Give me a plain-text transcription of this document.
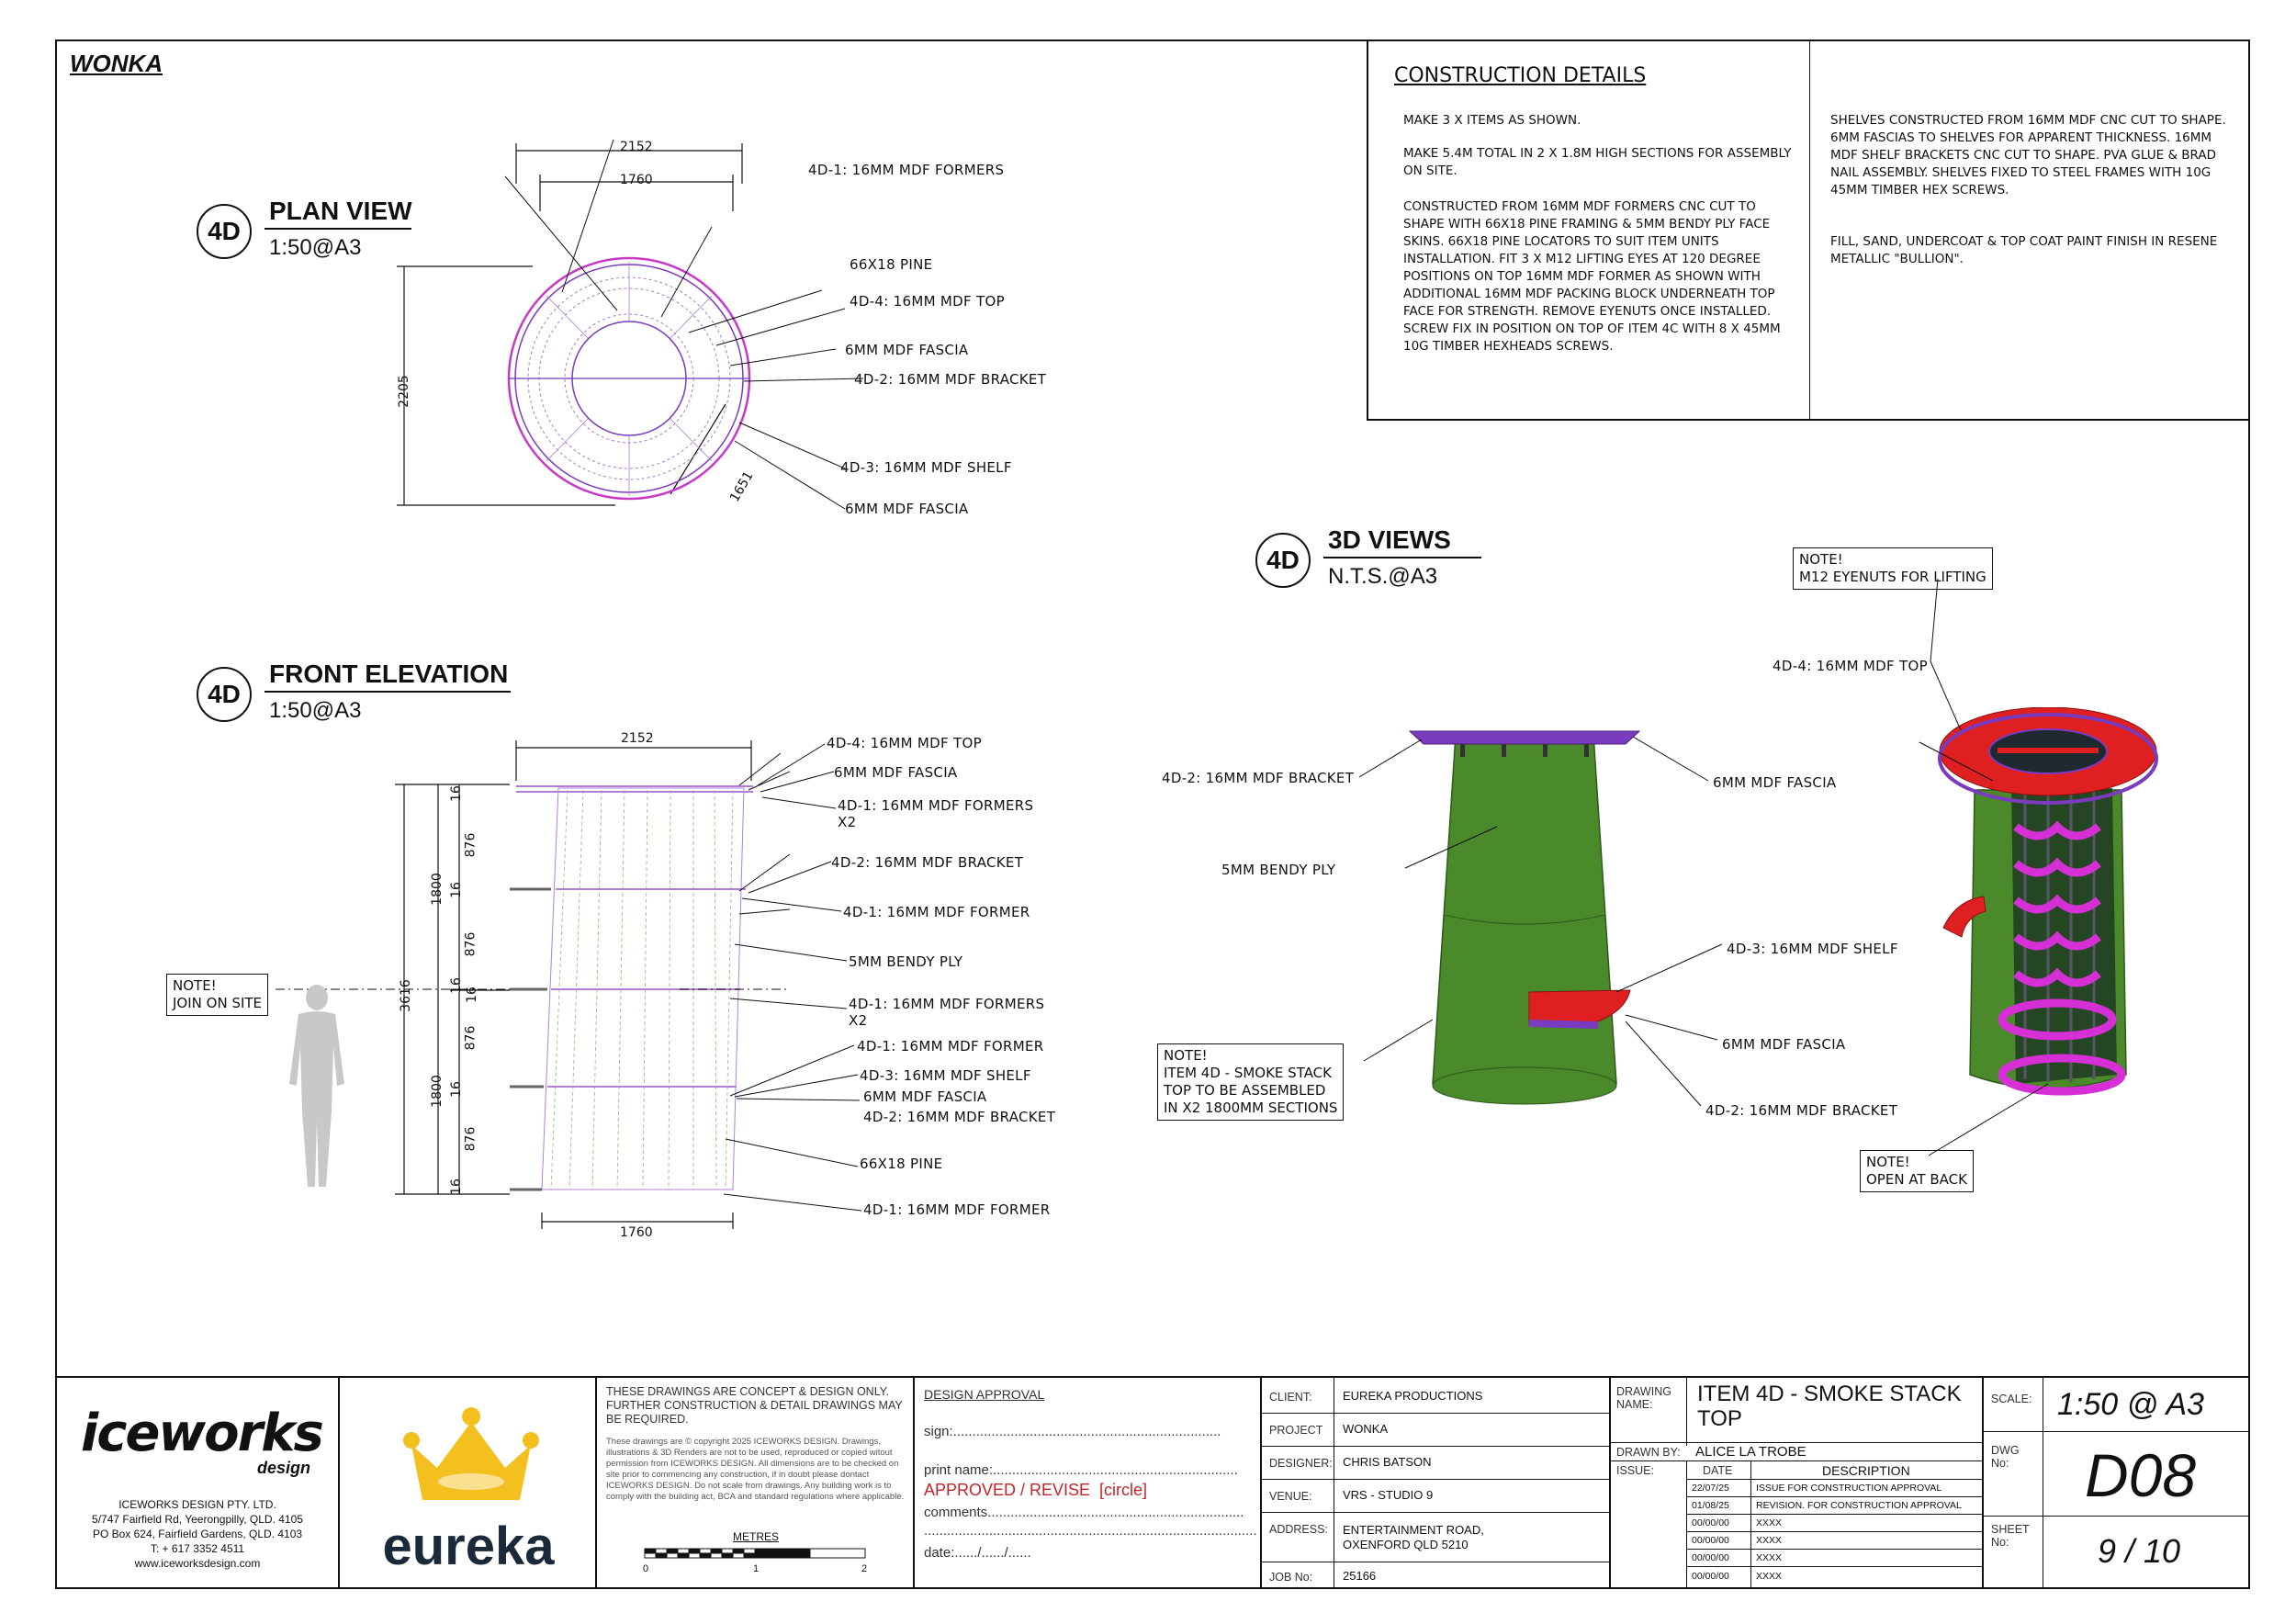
WONKA
4D
PLAN VIEW
1:50@A3
2152
1760
2205
1651
4D-1: 16MM MDF FORMERS
66X18 PINE
4D-4: 16MM MDF TOP
6MM MDF FASCIA
4D-2: 16MM MDF BRACKET
4D-3: 16MM MDF SHELF
6MM MDF FASCIA
4D
FRONT ELEVATION
1:50@A3
2152
1760
3616
1800
1800
16
876
16
876
16
16
876
16
876
16
NOTE!
JOIN ON SITE
4D-4: 16MM MDF TOP
6MM MDF FASCIA
4D-1: 16MM MDF FORMERS
X2
4D-2: 16MM MDF BRACKET
4D-1: 16MM MDF FORMER
5MM BENDY PLY
4D-1: 16MM MDF FORMERS
X2
4D-1: 16MM MDF FORMER
4D-3: 16MM MDF SHELF
6MM MDF FASCIA
4D-2: 16MM MDF BRACKET
66X18 PINE
4D-1: 16MM MDF FORMER
4D
3D VIEWS
N.T.S.@A3
4D-2: 16MM MDF BRACKET	6MM MDF FASCIA
5MM BENDY PLY
4D-3: 16MM MDF SHELF
6MM MDF FASCIA
4D-2: 16MM MDF BRACKET
4D-4: 16MM MDF TOP
NOTE!
M12 EYENUTS FOR LIFTING
NOTE!
ITEM 4D - SMOKE STACK
TOP TO BE ASSEMBLED
IN X2 1800MM SECTIONS
NOTE!
OPEN AT BACK
CONSTRUCTION DETAILS
MAKE 3 X ITEMS AS SHOWN.
MAKE 5.4M TOTAL IN 2 X 1.8M HIGH SECTIONS FOR ASSEMBLY ON SITE.
CONSTRUCTED FROM 16MM MDF FORMERS CNC CUT TO SHAPE WITH 66X18 PINE FRAMING & 5MM BENDY PLY FACE SKINS. 66X18 PINE LOCATORS TO SUIT ITEM UNITS INSTALLATION. FIT 3 X M12 LIFTING EYES AT 120 DEGREE POSITIONS ON TOP 16MM MDF FORMER AS SHOWN WITH ADDITIONAL 16MM MDF PACKING BLOCK UNDERNEATH TOP FACE FOR STRENGTH. REMOVE EYENUTS ONCE INSTALLED. SCREW FIX IN POSITION ON TOP OF ITEM 4C WITH 8 X 45MM 10G TIMBER HEXHEADS SCREWS.
SHELVES CONSTRUCTED FROM 16MM MDF CNC CUT TO SHAPE. 6MM FASCIAS TO SHELVES FOR APPARENT THICKNESS. 16MM MDF SHELF BRACKETS CNC CUT TO SHAPE. PVA GLUE & BRAD NAIL ASSEMBLY. SHELVES FIXED TO STEEL FRAMES WITH 10G 45MM TIMBER HEX SCREWS.
FILL, SAND, UNDERCOAT & TOP COAT PAINT FINISH IN RESENE METALLIC "BULLION".
iceworks
design
ICEWORKS DESIGN PTY. LTD.
5/747 Fairfield Rd, Yeerongpilly, QLD. 4105
PO Box 624, Fairfield Gardens, QLD. 4103
T: + 617 3352 4511
www.iceworksdesign.com	eureka
THESE DRAWINGS ARE CONCEPT & DESIGN ONLY. FURTHER CONSTRUCTION & DETAIL DRAWINGS MAY BE REQUIRED.
These drawings are © copyright 2025 ICEWORKS DESIGN. Drawings, illustrations & 3D Renders are not to be used, reproduced or copied witout permission from ICEWORKS DESIGN. All dimensions are to be checked on site prior to commencing any construction, if in doubt please dontact ICEWORKS DESIGN. Do not scale from drawings. Any building work is to comply with the building act, BCA and standard regulations where applicable.
METRES
0	1	2
DESIGN APPROVAL
sign:......................................................................
print name:................................................................
APPROVED / REVISE  [circle]
comments...................................................................
.......................................................................................
date:....../....../......
CLIENT:	EUREKA PRODUCTIONS
PROJECT WONKA
DESIGNER: CHRIS BATSON
VENUE:	VRS - STUDIO 9
ADDRESS: ENTERTAINMENT ROAD,
OXENFORD QLD 5210
JOB No:	25166
DRAWING NAME:	ITEM 4D - SMOKE STACK TOP
DRAWN BY: ALICE LA TROBE
ISSUE:	DATE	DESCRIPTION
22/07/25	ISSUE FOR CONSTRUCTION APPROVAL
01/08/25	REVISION. FOR CONSTRUCTION APPROVAL
00/00/00	XXXX
00/00/00	XXXX
00/00/00	XXXX
00/00/00	XXXX
SCALE: 1:50 @ A3
DWG No:	D08
SHEET No:	9 / 10
